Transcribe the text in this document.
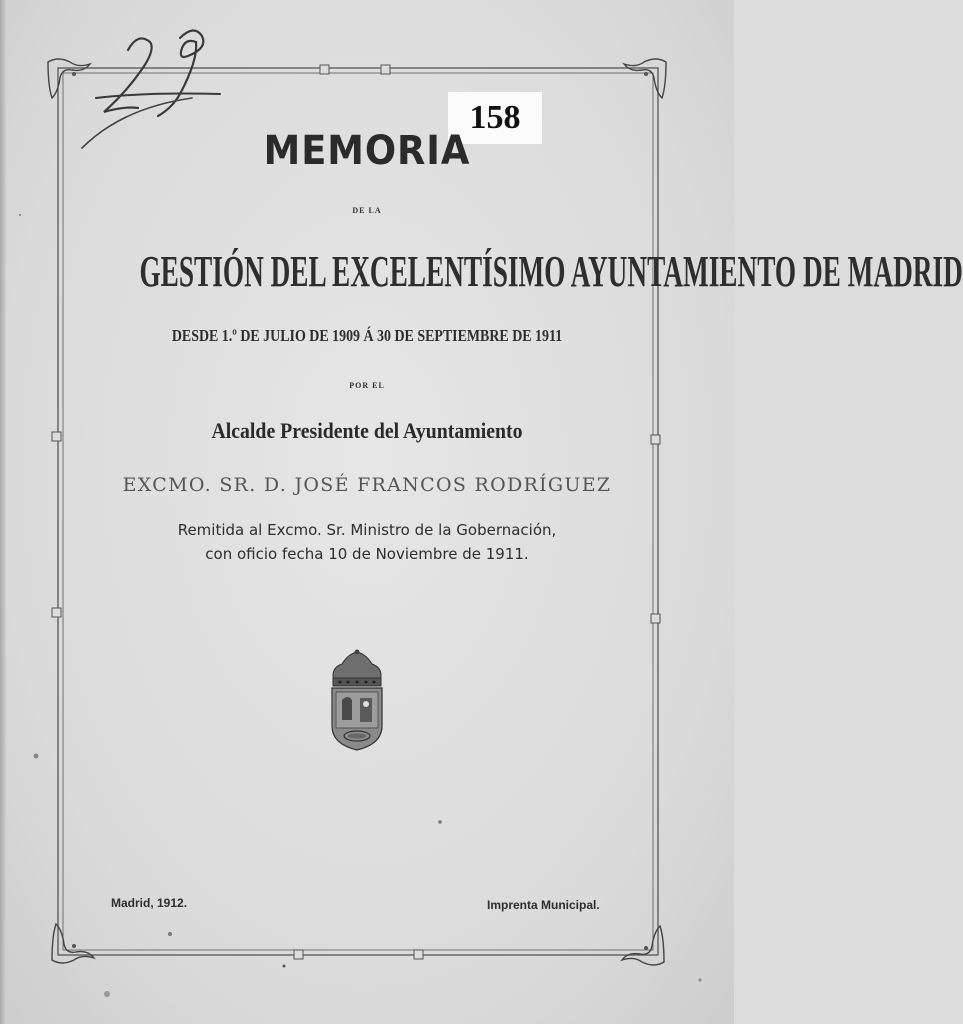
158
MEMORIA
DE LA
GESTIÓN DEL EXCELENTÍSIMO AYUNTAMIENTO DE MADRID
DESDE 1.º DE JULIO DE 1909 Á 30 DE SEPTIEMBRE DE 1911
POR EL
Alcalde Presidente del Ayuntamiento
EXCMO. SR. D. JOSÉ FRANCOS RODRÍGUEZ
Remitida al Excmo. Sr. Ministro de la Gobernación,
con oficio fecha 10 de Noviembre de 1911.
Madrid, 1912.	Imprenta Municipal.
